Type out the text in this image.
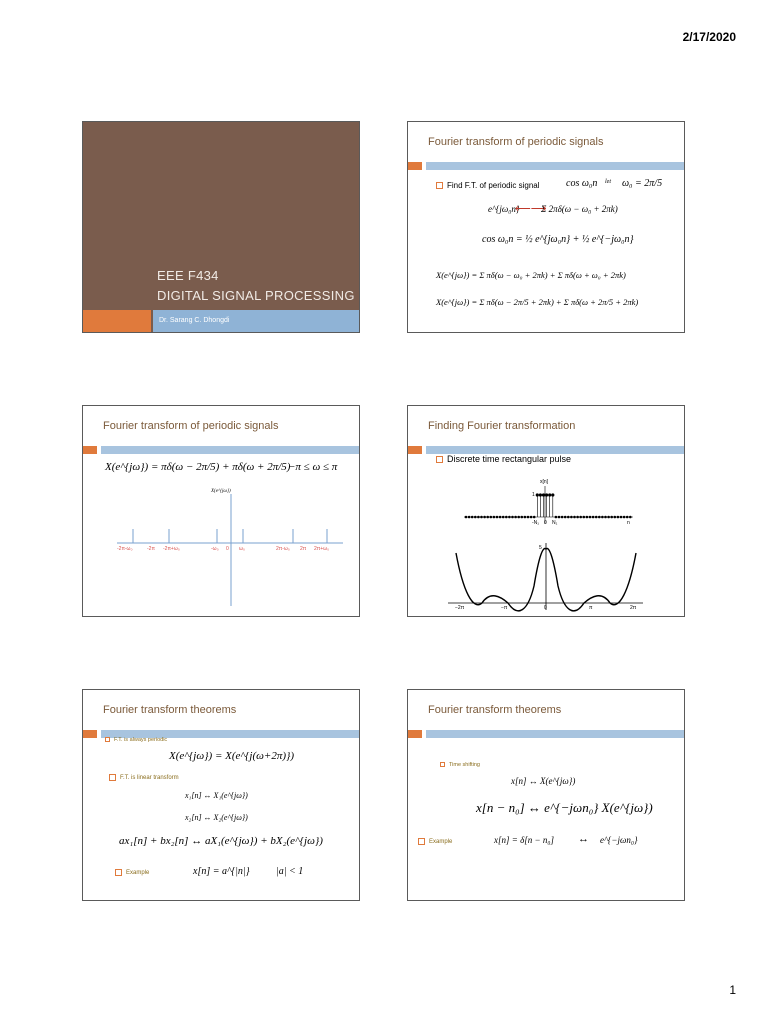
2/17/2020
EEE F434
DIGITAL SIGNAL PROCESSING
Dr. Sarang C. Dhongdi
Fourier transform of periodic signals
Find F.T. of periodic signal	cos ω₀n let ω₀ = 2π/5
e^{jω₀n}
⟵⟶
Σ 2πδ(ω − ω₀ + 2πk)
cos ω₀n = ½ e^{jω₀n} + ½ e^{−jω₀n}
X(e^{jω}) = Σ πδ(ω − ω₀ + 2πk) + Σ πδ(ω + ω₀ + 2πk)
X(e^{jω}) = Σ πδ(ω − 2π/5 + 2πk) + Σ πδ(ω + 2π/5 + 2πk)
Fourier transform of periodic signals
X(e^{jω}) = πδ(ω − 2π/5) + πδ(ω + 2π/5)
−π ≤ ω ≤ π
X(e^{jω})
-2π-ω₀	-2π -2π+ω₀	-ω₀ 0 ω₀	2π-ω₀ 2π 2π+ω₀
Finding Fourier transformation
Discrete time rectangular pulse
x[n]
1
-N₁ 0 N₁	n
5
−2π	−π	0	π	2π
Fourier transform theorems
F.T. is always periodic
X(e^{jω}) = X(e^{j(ω+2π)})
F.T. is linear transform
x₁[n] ↔ X₁(e^{jω})
x₂[n] ↔ X₂(e^{jω})
ax₁[n] + bx₂[n] ↔ aX₁(e^{jω}) + bX₂(e^{jω})
Example	x[n] = a^{|n|}	|a| < 1
Fourier transform theorems
Time shifting
x[n] ↔ X(e^{jω})
x[n − n₀] ↔ e^{−jωn₀} X(e^{jω})
Example	x[n] = δ[n − n₀] ↔ e^{−jωn₀}
1
